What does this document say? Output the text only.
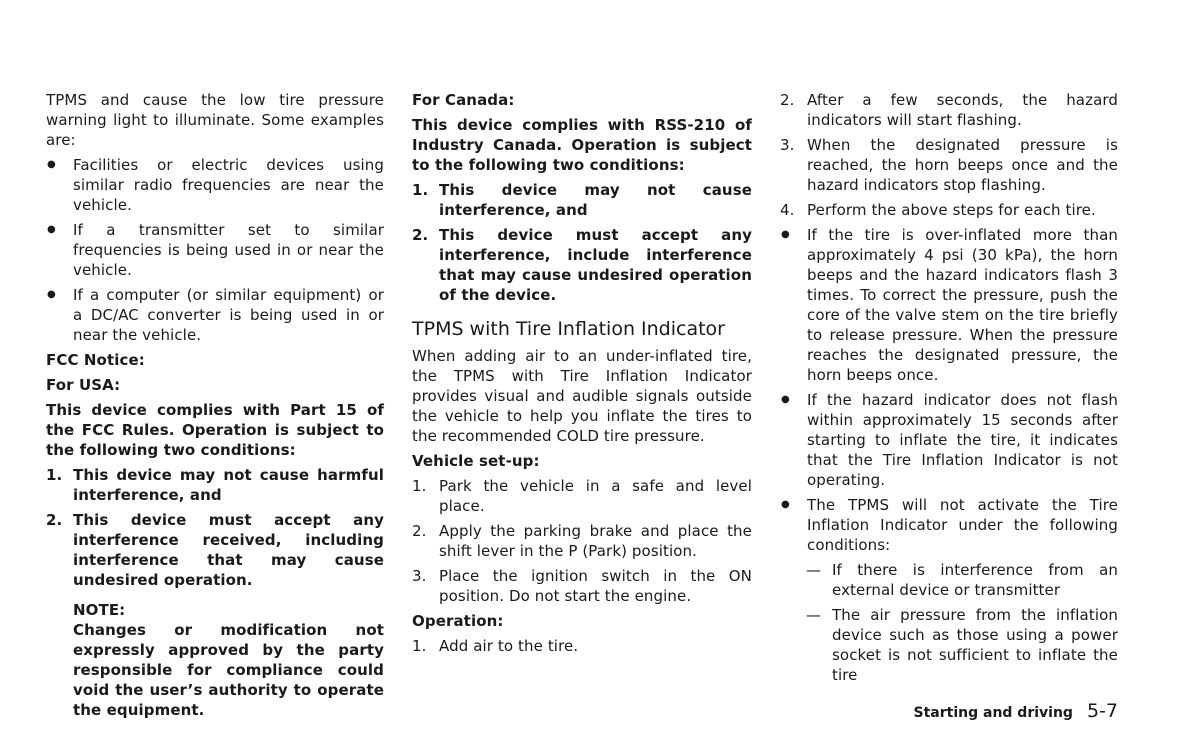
TPMS and cause the low tire pressure warning light to illuminate. Some examples are:

● Facilities or electric devices using similar radio frequencies are near the vehicle.

● If a transmitter set to similar frequencies is being used in or near the vehicle.

● If a computer (or similar equipment) or a DC/AC converter is being used in or near the vehicle.

FCC Notice:

For USA:

This device complies with Part 15 of the FCC Rules. Operation is subject to the following two conditions:

1. This device may not cause harmful interference, and

2. This device must accept any interference received, including interference that may cause undesired operation.

NOTE:

Changes or modification not expressly approved by the party responsible for compliance could void the user’s authority to operate the equipment.

For Canada:

This device complies with RSS-210 of Industry Canada. Operation is subject to the following two conditions:

1. This device may not cause interference, and

2. This device must accept any interference, include interference that may cause undesired operation of the device.

TPMS with Tire Inflation Indicator

When adding air to an under-inflated tire, the TPMS with Tire Inflation Indicator provides visual and audible signals outside the vehicle to help you inflate the tires to the recommended COLD tire pressure.

Vehicle set-up:

1. Park the vehicle in a safe and level place.

2. Apply the parking brake and place the shift lever in the P (Park) position.

3. Place the ignition switch in the ON position. Do not start the engine.

Operation:

1. Add air to the tire.

2. After a few seconds, the hazard indicators will start flashing.

3. When the designated pressure is reached, the horn beeps once and the hazard indicators stop flashing.

4. Perform the above steps for each tire.

● If the tire is over-inflated more than approximately 4 psi (30 kPa), the horn beeps and the hazard indicators flash 3 times. To correct the pressure, push the core of the valve stem on the tire briefly to release pressure. When the pressure reaches the designated pressure, the horn beeps once.

● If the hazard indicator does not flash within approximately 15 seconds after starting to inflate the tire, it indicates that the Tire Inflation Indicator is not operating.

● The TPMS will not activate the Tire Inflation Indicator under the following conditions:

— If there is interference from an external device or transmitter

— The air pressure from the inflation device such as those using a power socket is not sufficient to inflate the tire

Starting and driving 5-7
